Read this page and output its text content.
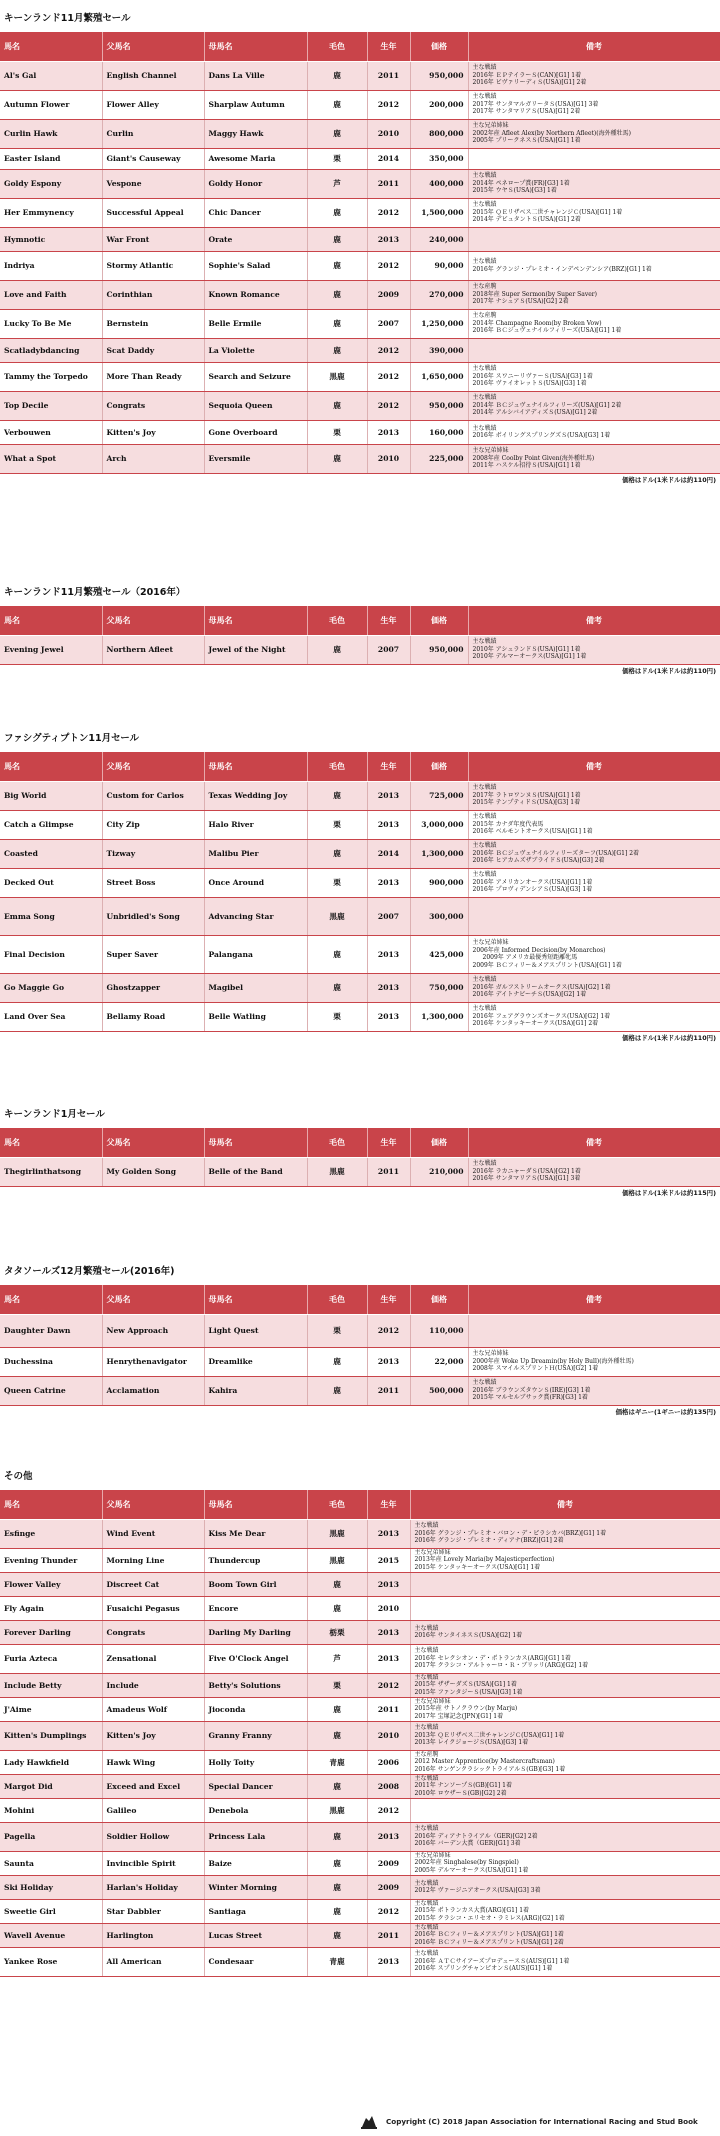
キーンランド11月繁殖セール
馬名	父馬名	母馬名	毛色	生年	価格	備考
Al's Gal	English Channel	Dans La Ville	鹿	2011	950,000	主な戦績
2016年 ＥＰテイラーＳ(CAN)[G1] 1着
2016年 ビヴァリーディＳ(USA)[G1] 2着

Autumn Flower	Flower Alley	Sharplaw Autumn	鹿	2012	200,000	主な戦績
2017年 サンタマルガリータＳ(USA)[G1] 3着
2017年 サンタマリアＳ(USA)[G1] 2着

Curlin Hawk	Curlin	Maggy Hawk	鹿	2010	800,000	主な兄弟姉妹
2002年産 Afleet Alex(by Northern Afleet)(海外種牡馬)
2005年 プリークネスＳ(USA)[G1] 1着

Easter Island	Giant's Causeway	Awesome Maria	栗	2014	350,000	
Goldy Espony	Vespone	Goldy Honor	芦	2011	400,000	主な戦績
2014年 ペネロープ賞(FR)[G3] 1着
2015年 ウヤＳ(USA)[G3] 1着

Her Emmynency	Successful Appeal	Chic Dancer	鹿	2012	1,500,000	主な戦績
2015年 ＱＥリザベス二世チャレンジＣ(USA)[G1] 1着
2014年 デビュタントＳ(USA)[G1] 2着

Hymnotic	War Front	Orate	鹿	2013	240,000	
Indriya	Stormy Atlantic	Sophie's Salad	鹿	2012	90,000	主な戦績
2016年 グランジ・プレミオ・インデペンデンシア(BRZ)[G1] 1着

Love and Faith	Corinthian	Known Romance	鹿	2009	270,000	主な産駒
2018年産 Super Sermon(by Super Saver)
2017年 ナシュアＳ(USA)[G2] 2着

Lucky To Be Me	Bernstein	Belle Ermile	鹿	2007	1,250,000	主な産駒
2014年 Champagne Room(by Broken Vow)
2016年 ＢＣジュヴェナイルフィリーズ(USA)[G1] 1着

Scatladybdancing	Scat Daddy	La Violette	鹿	2012	390,000	
Tammy the Torpedo	More Than Ready	Search and Seizure	黒鹿	2012	1,650,000	主な戦績
2016年 スワニーリヴァーＳ(USA)[G3] 1着
2016年 ヴァイオレットＳ(USA)[G3] 1着

Top Decile	Congrats	Sequoia Queen	鹿	2012	950,000	主な戦績
2014年 ＢＣジュヴェナイルフィリーズ(USA)[G1] 2着
2014年 アルシバイアディズＳ(USA)[G1] 2着

Verbouwen	Kitten's Joy	Gone Overboard	栗	2013	160,000	主な戦績
2016年 ボイリングスプリングズＳ(USA)[G3] 1着

What a Spot	Arch	Eversmile	鹿	2010	225,000	主な兄弟姉妹
2008年産 Coolby Point Given(海外種牡馬)
2011年 ハスケル招待Ｓ(USA)[G1] 1着
価格はドル(1米ドルは約110円)
キーンランド11月繁殖セール（2016年）
馬名	父馬名	母馬名	毛色	生年	価格	備考
Evening Jewel	Northern Afleet	Jewel of the Night	鹿	2007	950,000	主な戦績
2010年 アシュランドＳ(USA)[G1] 1着
2010年 デルマーオークス(USA)[G1] 1着
価格はドル(1米ドルは約110円)
ファシグティプトン11月セール
馬名	父馬名	母馬名	毛色	生年	価格	備考
Big World	Custom for Carlos	Texas Wedding Joy	鹿	2013	725,000	主な戦績
2017年 ラトロワンヌＳ(USA)[G1] 1着
2015年 テンプティドＳ(USA)[G3] 1着

Catch a Glimpse	City Zip	Halo River	栗	2013	3,000,000	主な戦績
2015年 カナダ年度代表馬
2016年 ベルモントオークス(USA)[G1] 1着

Coasted	Tizway	Malibu Pier	鹿	2014	1,300,000	主な戦績
2016年 ＢＣジュヴェナイルフィリーズターフ(USA)[G1] 2着
2016年 ヒアカムズザブライドＳ(USA)[G3] 2着

Decked Out	Street Boss	Once Around	栗	2013	900,000	主な戦績
2016年 アメリカンオークス(USA)[G1] 1着
2016年 プロヴィデンシアＳ(USA)[G3] 1着

Emma Song	Unbridled's Song	Advancing Star	黒鹿	2007	300,000	
Final Decision	Super Saver	Palangana	鹿	2013	425,000	主な兄弟姉妹
2006年産 Informed Decision(by Monarchos)
2009年 アメリカ最優秀短距離牝馬
2009年 ＢＣフィリー＆メアスプリント(USA)[G1] 1着

Go Maggie Go	Ghostzapper	Magibel	鹿	2013	750,000	主な戦績
2016年 ガルフストリームオークス(USA)[G2] 1着
2016年 デイトナビーチＳ(USA)[G2] 1着

Land Over Sea	Bellamy Road	Belle Watling	栗	2013	1,300,000	主な戦績
2016年 フェアグラウンズオークス(USA)[G2] 1着
2016年 ケンタッキーオークス(USA)[G1] 2着
価格はドル(1米ドルは約110円)
キーンランド1月セール
馬名	父馬名	母馬名	毛色	生年	価格	備考
Thegirlinthatsong	My Golden Song	Belle of the Band	黒鹿	2011	210,000	主な戦績
2016年 ラカニャーダＳ(USA)[G2] 1着
2016年 サンタマリアＳ(USA)[G1] 3着
価格はドル(1米ドルは約115円)
タタソールズ12月繁殖セール(2016年)
馬名	父馬名	母馬名	毛色	生年	価格	備考
Daughter Dawn	New Approach	Light Quest	栗	2012	110,000	
Duchessina	Henrythenavigator	Dreamlike	鹿	2013	22,000	主な兄弟姉妹
2000年産 Woke Up Dreamin(by Holy Bull)(海外種牡馬)
2008年 スマイルスプリントＨ(USA)[G2] 1着

Queen Catrine	Acclamation	Kahira	鹿	2011	500,000	主な戦績
2016年 ブラウンズタウンＳ(IRE)[G3] 1着
2015年 マルセルブサック賞(FR)[G3] 1着
価格はギニー(1ギニーは約135円)
その他
馬名	父馬名	母馬名	毛色	生年	備考
Esfinge	Wind Event	Kiss Me Dear	黒鹿	2013	主な戦績
2016年 グランジ・プレミオ・バロン・デ・ピラシカバ(BRZ)[G1] 1着
2016年 グランジ・プレミオ・ディアナ(BRZ)[G1] 2着

Evening Thunder	Morning Line	Thundercup	黒鹿	2015	主な兄弟姉妹
2013年産 Lovely Maria(by Majesticperfection)
2015年 ケンタッキーオークス(USA)[G1] 1着

Flower Valley	Discreet Cat	Boom Town Girl	鹿	2013	
Fly Again	Fusaichi Pegasus	Encore	鹿	2010	
Forever Darling	Congrats	Darling My Darling	栃栗	2013	主な戦績
2016年 サンタイネスＳ(USA)[G2] 1着

Furia Azteca	Zensational	Five O'Clock Angel	芦	2013	主な戦績
2016年 セレクシオン・デ・ポトランカス(ARG)[G1] 1着
2017年 クラシコ・アルトゥーロ・Ｒ・ブリッリ(ARG)[G2] 1着

Include Betty	Include	Betty's Solutions	栗	2012	主な戦績
2015年 ザザーダズＳ(USA)[G1] 1着
2015年 ファンタジーＳ(USA)[G3] 1着

J'Aime	Amadeus Wolf	Jioconda	鹿	2011	主な兄弟姉妹
2015年産 サトノクラウン(by Marju)
2017年 宝塚記念(JPN)[G1] 1着

Kitten's Dumplings	Kitten's Joy	Granny Franny	鹿	2010	主な戦績
2013年 ＱＥリザベス二世チャレンジＣ(USA)[G1] 1着
2013年 レイクジョージＳ(USA)[G3] 1着

Lady Hawkfield	Hawk Wing	Holly Toity	青鹿	2006	主な産駒
2012 Master Apprentice(by Mastercraftsman)
2016年 サンゲンクラシックトライアルＳ(GB)[G3] 1着

Margot Did	Exceed and Excel	Special Dancer	鹿	2008	主な戦績
2011年 ナンソープＳ(GB)[G1] 1着
2010年 ロウザーＳ(GB)[G2] 2着

Mohini	Galileo	Denebola	黒鹿	2012	
Pagella	Soldier Hollow	Princess Lala	鹿	2013	主な戦績
2016年 ディアナトライアル（GER)[G2] 2着
2016年 バーデン大賞（GER)[G1] 3着

Saunta	Invincible Spirit	Baize	鹿	2009	主な兄弟姉妹
2002年産 Singhalese(by Singspiel)
2005年 デルマーオークス(USA)[G1] 1着

Ski Holiday	Harlan's Holiday	Winter Morning	鹿	2009	主な戦績
2012年 ヴァージニアオークス(USA)[G3] 3着

Sweetie Girl	Star Dabbler	Santiaga	鹿	2012	主な戦績
2015年 ポトランカス大賞(ARG)[G1] 1着
2015年 クラシコ・エリセオ・ラミレス(ARG)[G2] 1着

Wavell Avenue	Harlington	Lucas Street	鹿	2011	主な戦績
2016年 ＢＣフィリー＆メアスプリント(USA)[G1] 1着
2016年 ＢＣフィリー＆メアスプリント(USA)[G1] 2着

Yankee Rose	All American	Condesaar	青鹿	2013	主な戦績
2016年 ＡＴＣサイアーズプロデュースＳ(AUS)[G1] 1着
2016年 スプリングチャンピオンＳ(AUS)[G1] 1着
Copyright (C) 2018 Japan Association for International Racing and Stud Book
